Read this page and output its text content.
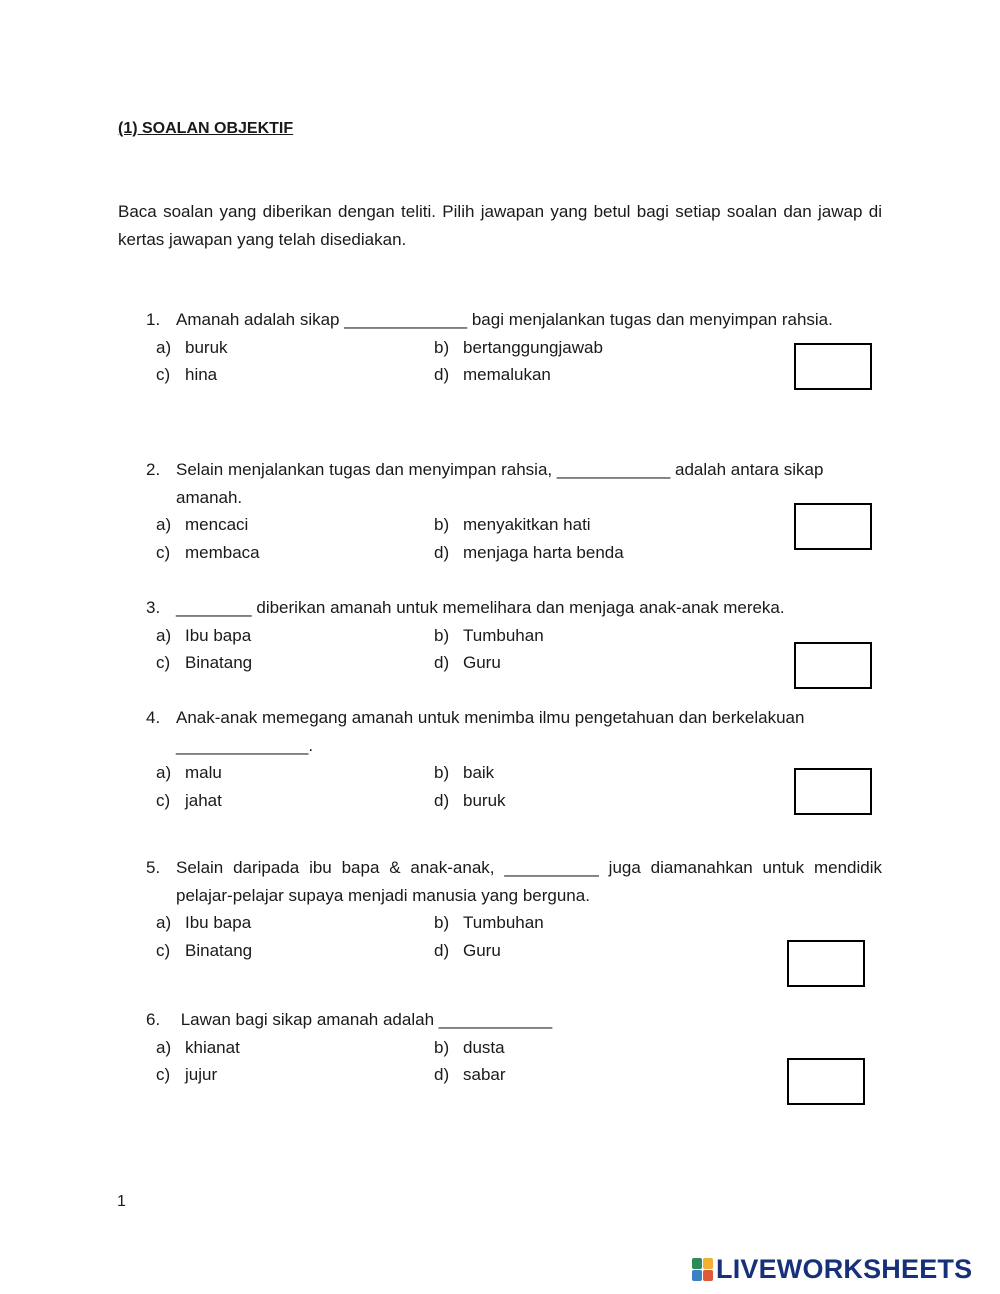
(1) SOALAN OBJEKTIF
Baca soalan yang diberikan dengan teliti. Pilih jawapan yang betul bagi setiap soalan dan jawap di kertas jawapan yang telah disediakan.
1. Amanah adalah sikap _____________ bagi menjalankan tugas dan menyimpan rahsia.
a) buruk	b) bertanggungjawab
c) hina	d) memalukan
2. Selain menjalankan tugas dan menyimpan rahsia, ____________ adalah antara sikap amanah.
a) mencaci	b) menyakitkan hati
c) membaca	d) menjaga harta benda
3. ________ diberikan amanah untuk memelihara dan menjaga anak-anak mereka.
a) Ibu bapa	b) Tumbuhan
c) Binatang	d) Guru
4. Anak-anak memegang amanah untuk menimba ilmu pengetahuan dan berkelakuan ______________.
a) malu	b) baik
c) jahat	d) buruk
5. Selain daripada ibu bapa & anak-anak, __________ juga diamanahkan untuk mendidik pelajar-pelajar supaya menjadi manusia yang berguna.
a) Ibu bapa	b) Tumbuhan
c) Binatang	d) Guru
6. Lawan bagi sikap amanah adalah ____________
a) khianat	b) dusta
c) jujur	d) sabar
1
LIVEWORKSHEETS
